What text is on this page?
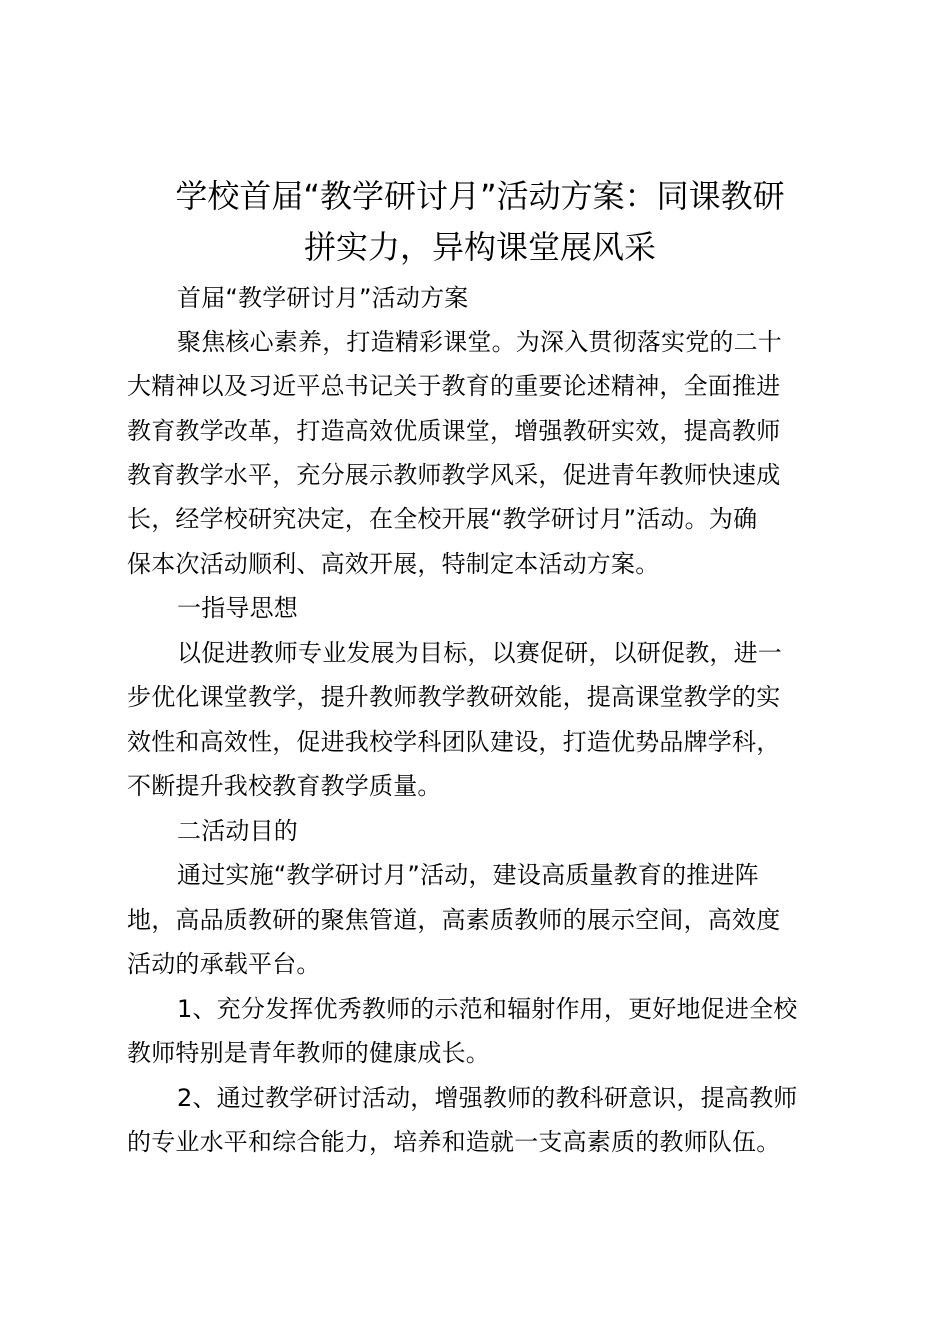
学校首届“教学研讨月”活动方案：同课教研
拼实力，异构课堂展风采

首届“教学研讨月”活动方案

聚焦核心素养，打造精彩课堂。为深入贯彻落实党的二十

大精神以及习近平总书记关于教育的重要论述精神，全面推进

教育教学改革，打造高效优质课堂，增强教研实效，提高教师

教育教学水平，充分展示教师教学风采，促进青年教师快速成

长，经学校研究决定，在全校开展“教学研讨月”活动。为确

保本次活动顺利、高效开展，特制定本活动方案。

一指导思想

以促进教师专业发展为目标，以赛促研，以研促教，进一

步优化课堂教学，提升教师教学教研效能，提高课堂教学的实

效性和高效性，促进我校学科团队建设，打造优势品牌学科，

不断提升我校教育教学质量。

二活动目的

通过实施“教学研讨月”活动，建设高质量教育的推进阵

地，高品质教研的聚焦管道，高素质教师的展示空间，高效度

活动的承载平台。

1、充分发挥优秀教师的示范和辐射作用，更好地促进全校

教师特别是青年教师的健康成长。

2、通过教学研讨活动，增强教师的教科研意识，提高教师

的专业水平和综合能力，培养和造就一支高素质的教师队伍。
